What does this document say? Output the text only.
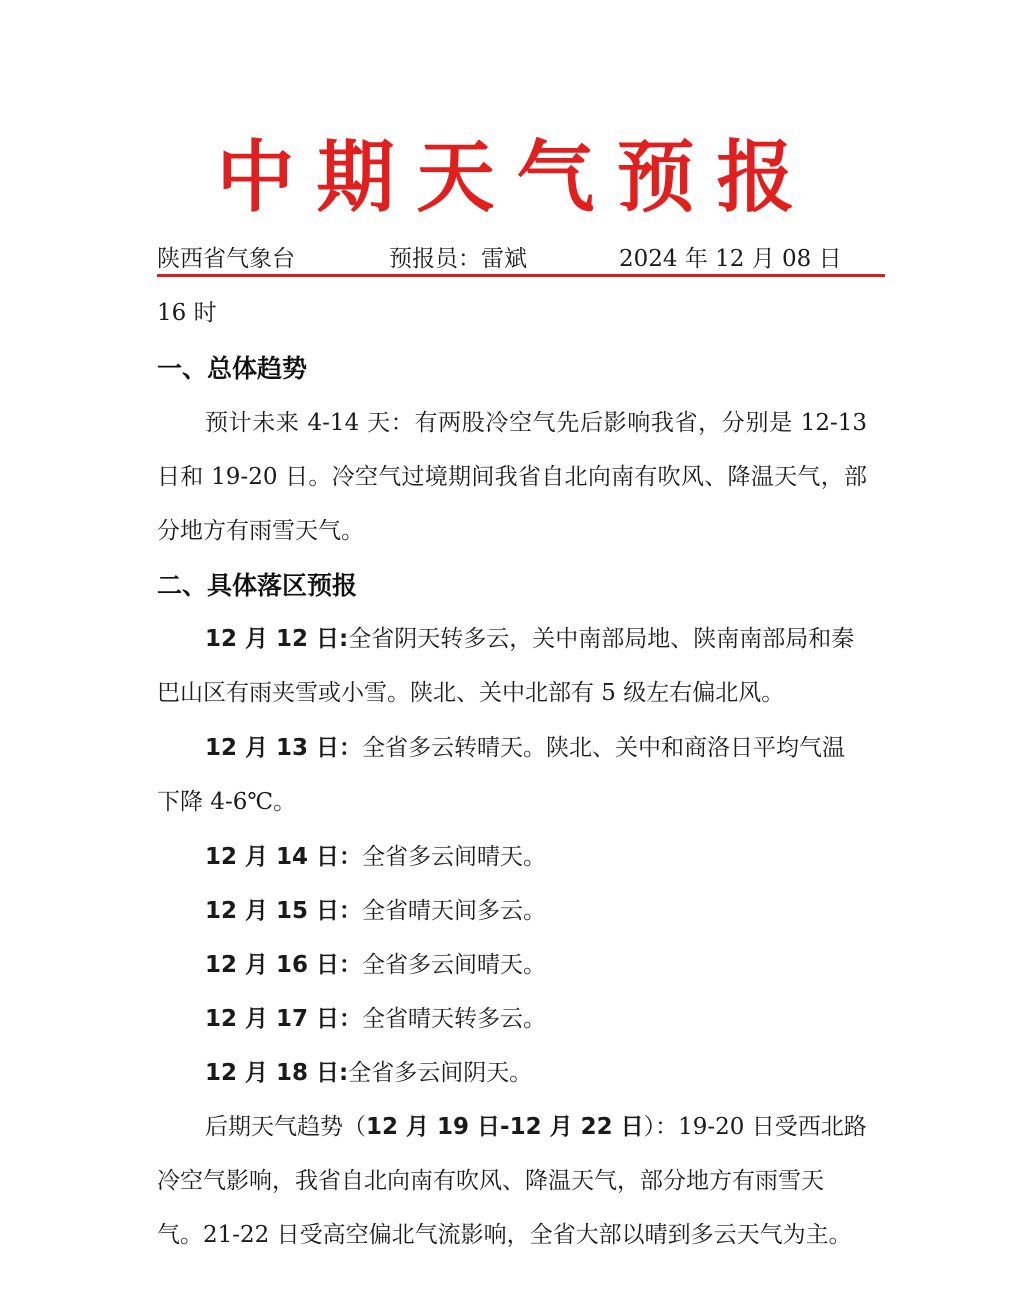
中期天气预报
陕西省气象台	预报员：雷斌	2024 年 12 月 08 日
16 时
一、总体趋势
预计未来 4-14 天：有两股冷空气先后影响我省，分别是 12-13 日和 19-20 日。冷空气过境期间我省自北向南有吹风、降温天气，部分地方有雨雪天气。
二、具体落区预报
12 月 12 日:全省阴天转多云，关中南部局地、陕南南部局和秦巴山区有雨夹雪或小雪。陕北、关中北部有 5 级左右偏北风。
12 月 13 日：全省多云转晴天。陕北、关中和商洛日平均气温下降 4-6℃。
12 月 14 日：全省多云间晴天。
12 月 15 日：全省晴天间多云。
12 月 16 日：全省多云间晴天。
12 月 17 日：全省晴天转多云。
12 月 18 日:全省多云间阴天。
后期天气趋势（12 月 19 日-12 月 22 日）：19-20 日受西北路冷空气影响，我省自北向南有吹风、降温天气，部分地方有雨雪天气。21-22 日受高空偏北气流影响，全省大部以晴到多云天气为主。
